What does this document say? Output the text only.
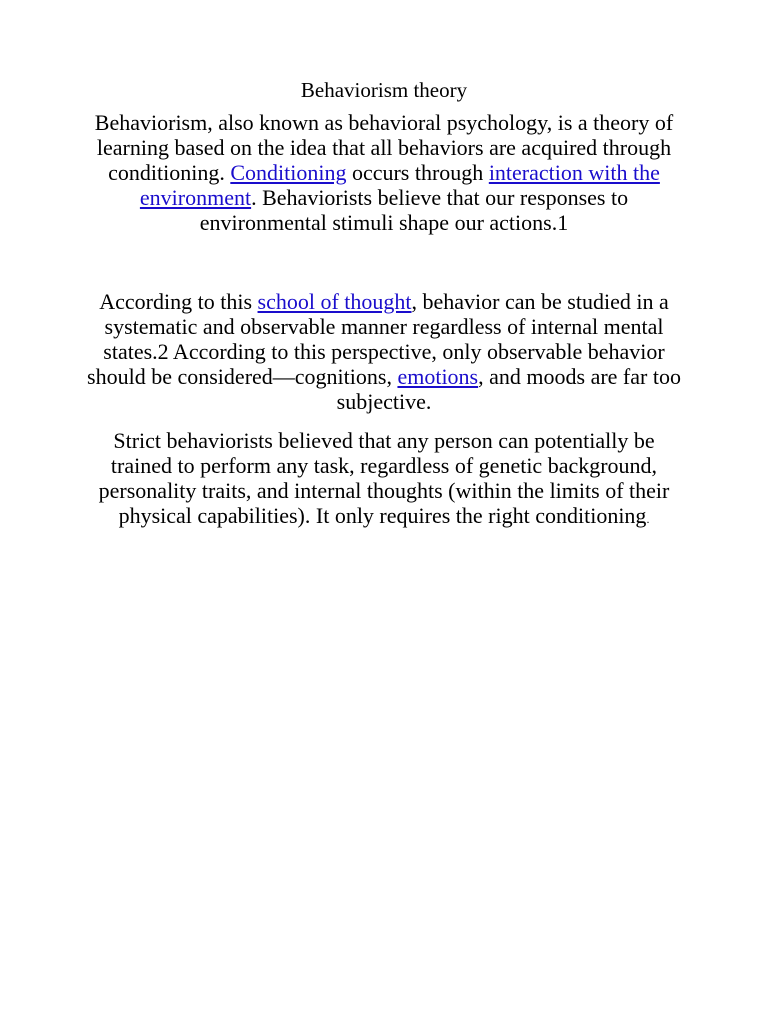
Behaviorism theory

Behaviorism, also known as behavioral psychology, is a theory of learning based on the idea that all behaviors are acquired through conditioning. Conditioning occurs through interaction with the environment. Behaviorists believe that our responses to environmental stimuli shape our actions.1

According to this school of thought, behavior can be studied in a systematic and observable manner regardless of internal mental states.2 According to this perspective, only observable behavior should be considered—cognitions, emotions, and moods are far too subjective.

Strict behaviorists believed that any person can potentially be trained to perform any task, regardless of genetic background, personality traits, and internal thoughts (within the limits of their physical capabilities). It only requires the right conditioning.
